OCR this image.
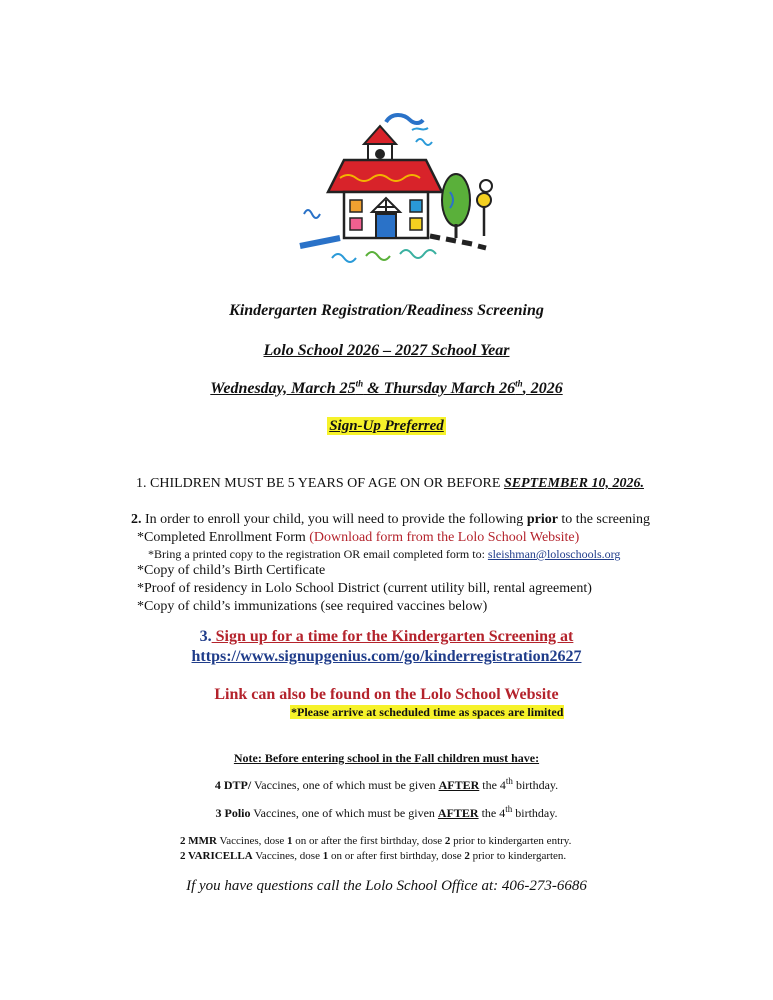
Kindergarten Registration/Readiness Screening
Lolo School 2026 – 2027 School Year
Wednesday, March 25th & Thursday March 26th, 2026
Sign-Up Preferred
1. CHILDREN MUST BE 5 YEARS OF AGE ON OR BEFORE SEPTEMBER 10, 2026.
2. In order to enroll your child, you will need to provide the following prior to the screening
*Completed Enrollment Form (Download form from the Lolo School Website)
*Bring a printed copy to the registration OR email completed form to: sleishman@loloschools.org
*Copy of child’s Birth Certificate
*Proof of residency in Lolo School District (current utility bill, rental agreement)
*Copy of child’s immunizations (see required vaccines below)
3. Sign up for a time for the Kindergarten Screening at
https://www.signupgenius.com/go/kinderregistration2627
Link can also be found on the Lolo School Website
*Please arrive at scheduled time as spaces are limited
Note: Before entering school in the Fall children must have:
4 DTP/ Vaccines, one of which must be given AFTER the 4th birthday.
3 Polio Vaccines, one of which must be given AFTER the 4th birthday.
2 MMR Vaccines, dose 1 on or after the first birthday, dose 2 prior to kindergarten entry.
2 VARICELLA Vaccines, dose 1 on or after first birthday, dose 2 prior to kindergarten.
If you have questions call the Lolo School Office at: 406-273-6686
